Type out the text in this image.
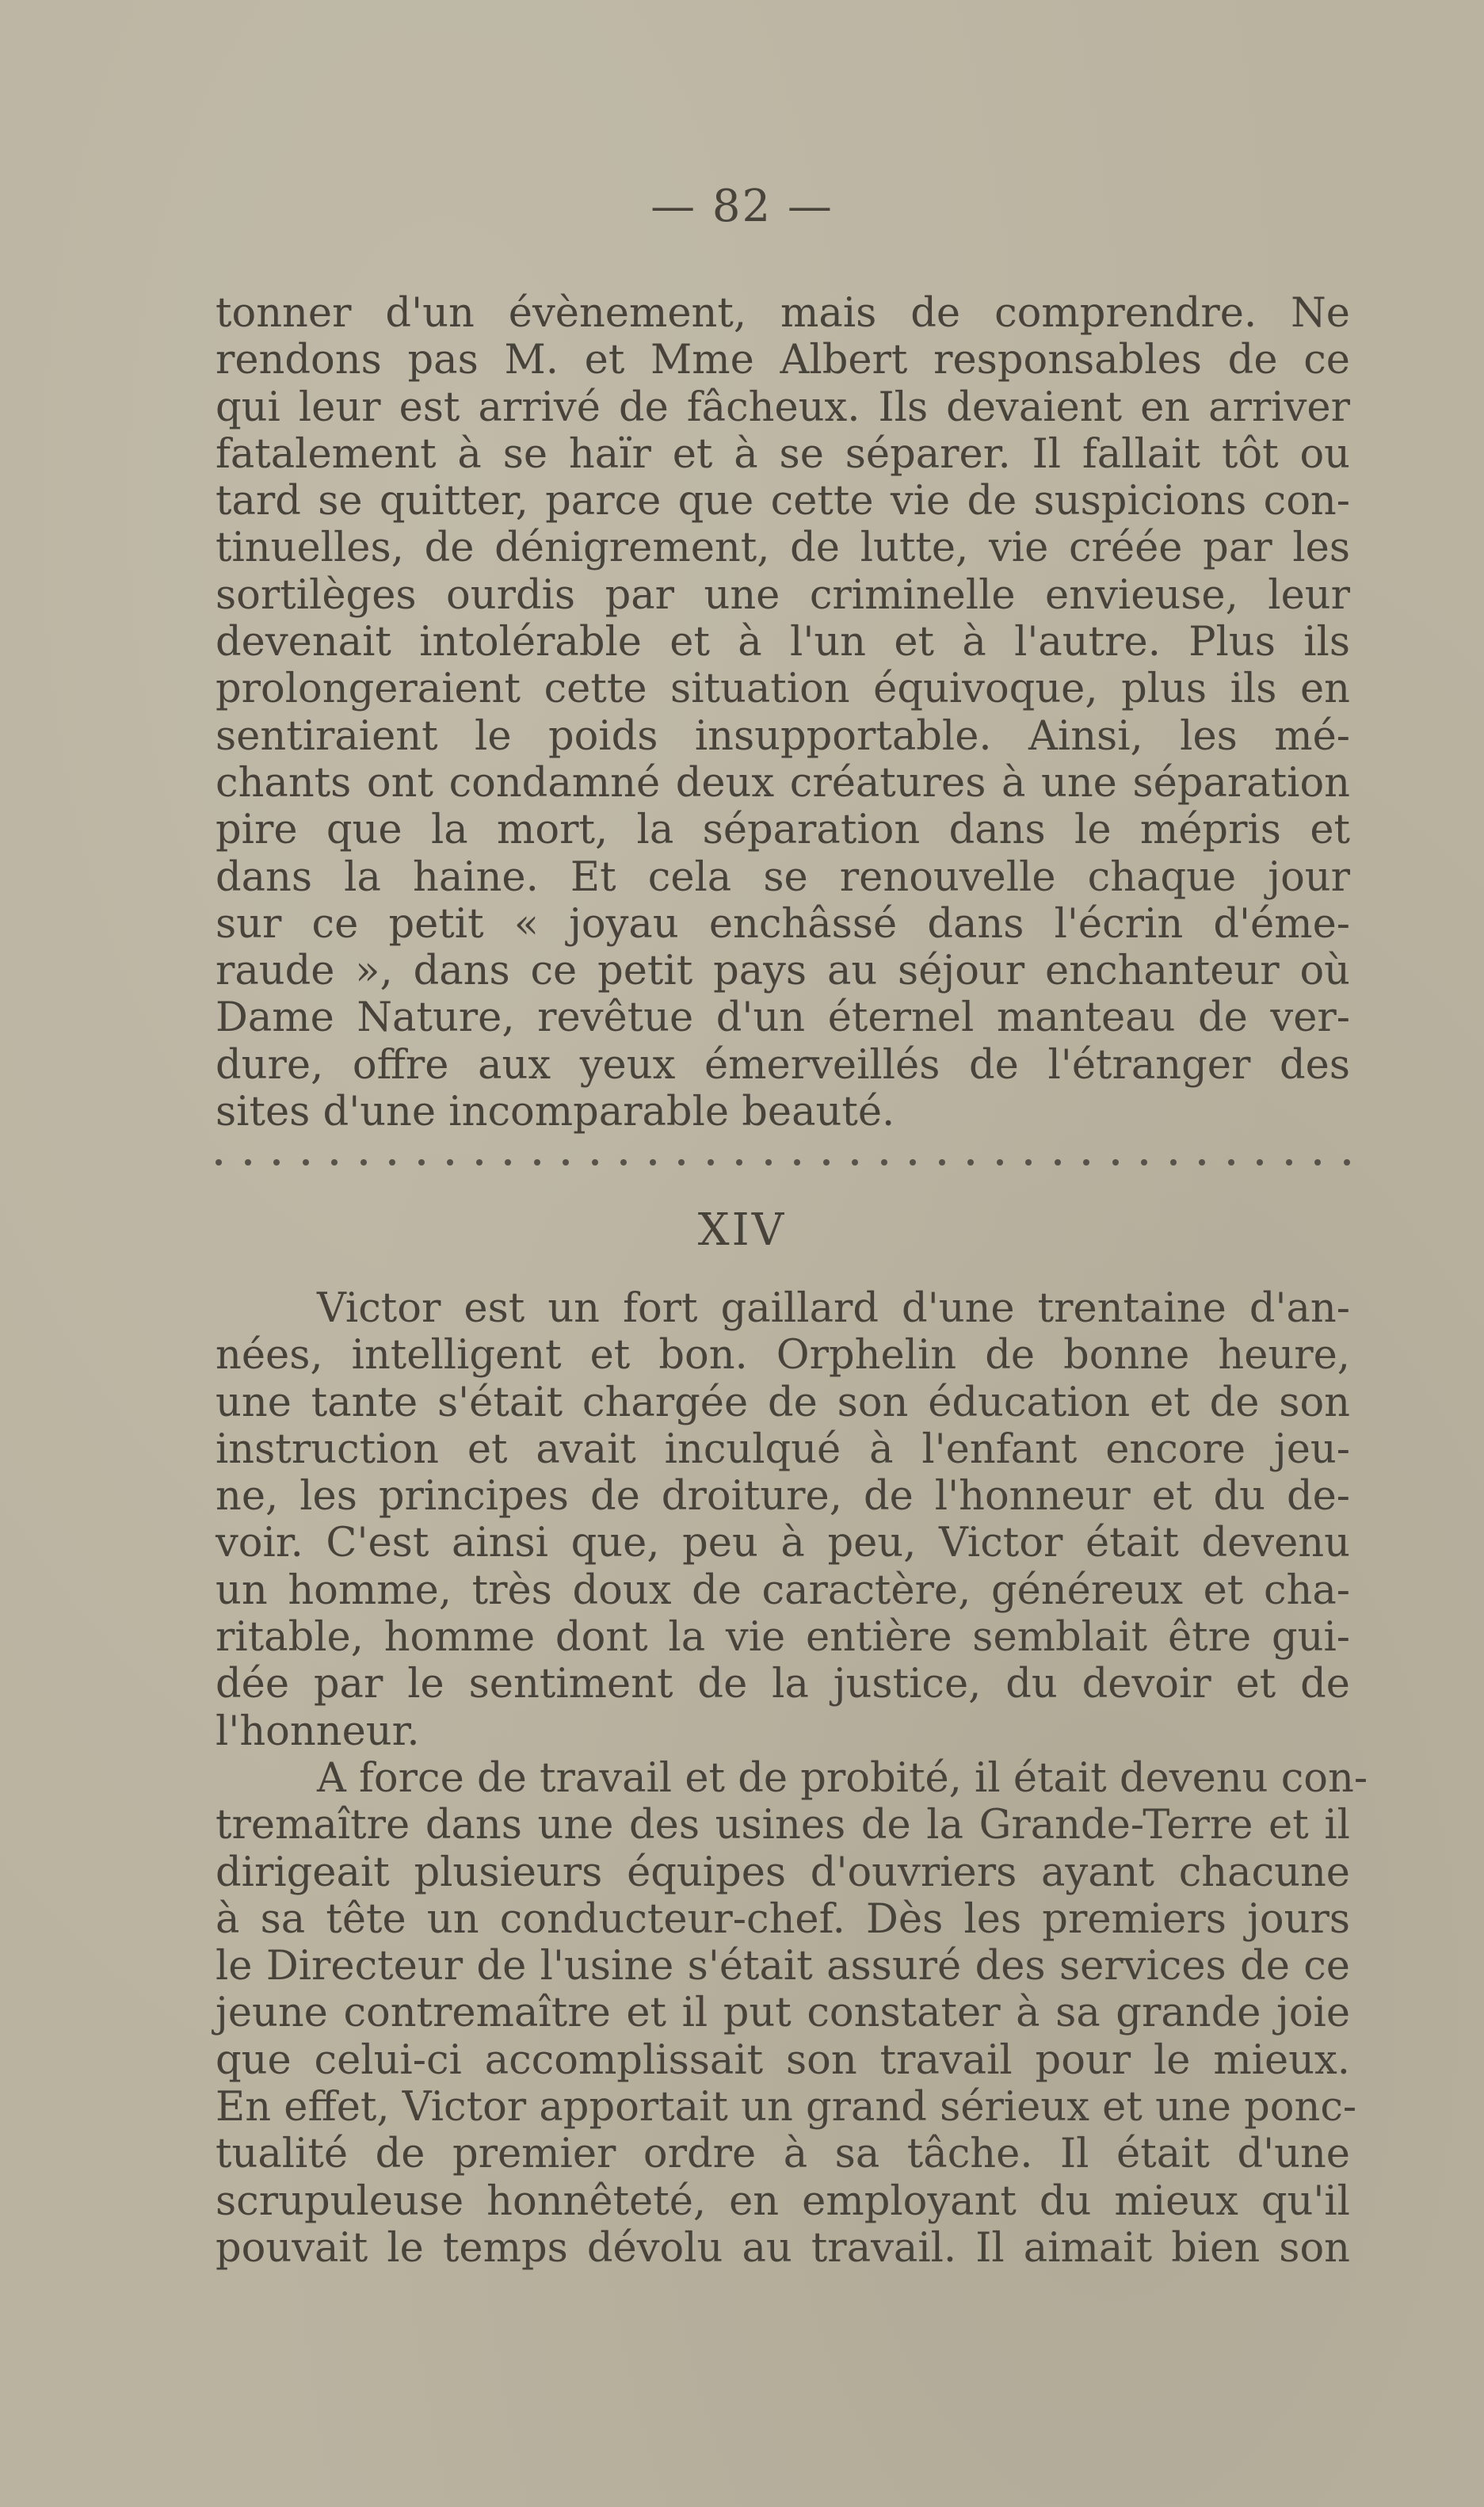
— 82 —
tonner d'un évènement, mais de comprendre. Ne
rendons pas M. et Mme Albert responsables de ce
qui leur est arrivé de fâcheux. Ils devaient en arriver
fatalement à se haïr et à se séparer. Il fallait tôt ou
tard se quitter, parce que cette vie de suspicions con-
tinuelles, de dénigrement, de lutte, vie créée par les
sortilèges ourdis par une criminelle envieuse, leur
devenait intolérable et à l'un et à l'autre. Plus ils
prolongeraient cette situation équivoque, plus ils en
sentiraient le poids insupportable. Ainsi, les mé-
chants ont condamné deux créatures à une séparation
pire que la mort, la séparation dans le mépris et
dans la haine. Et cela se renouvelle chaque jour
sur ce petit « joyau enchâssé dans l'écrin d'éme-
raude », dans ce petit pays au séjour enchanteur où
Dame Nature, revêtue d'un éternel manteau de ver-
dure, offre aux yeux émerveillés de l'étranger des
sites d'une incomparable beauté.
XIV
Victor est un fort gaillard d'une trentaine d'an-
nées, intelligent et bon. Orphelin de bonne heure,
une tante s'était chargée de son éducation et de son
instruction et avait inculqué à l'enfant encore jeu-
ne, les principes de droiture, de l'honneur et du de-
voir. C'est ainsi que, peu à peu, Victor était devenu
un homme, très doux de caractère, généreux et cha-
ritable, homme dont la vie entière semblait être gui-
dée par le sentiment de la justice, du devoir et de
l'honneur.
A force de travail et de probité, il était devenu con-
tremaître dans une des usines de la Grande-Terre et il
dirigeait plusieurs équipes d'ouvriers ayant chacune
à sa tête un conducteur-chef. Dès les premiers jours
le Directeur de l'usine s'était assuré des services de ce
jeune contremaître et il put constater à sa grande joie
que celui-ci accomplissait son travail pour le mieux.
En effet, Victor apportait un grand sérieux et une ponc-
tualité de premier ordre à sa tâche. Il était d'une
scrupuleuse honnêteté, en employant du mieux qu'il
pouvait le temps dévolu au travail. Il aimait bien son
